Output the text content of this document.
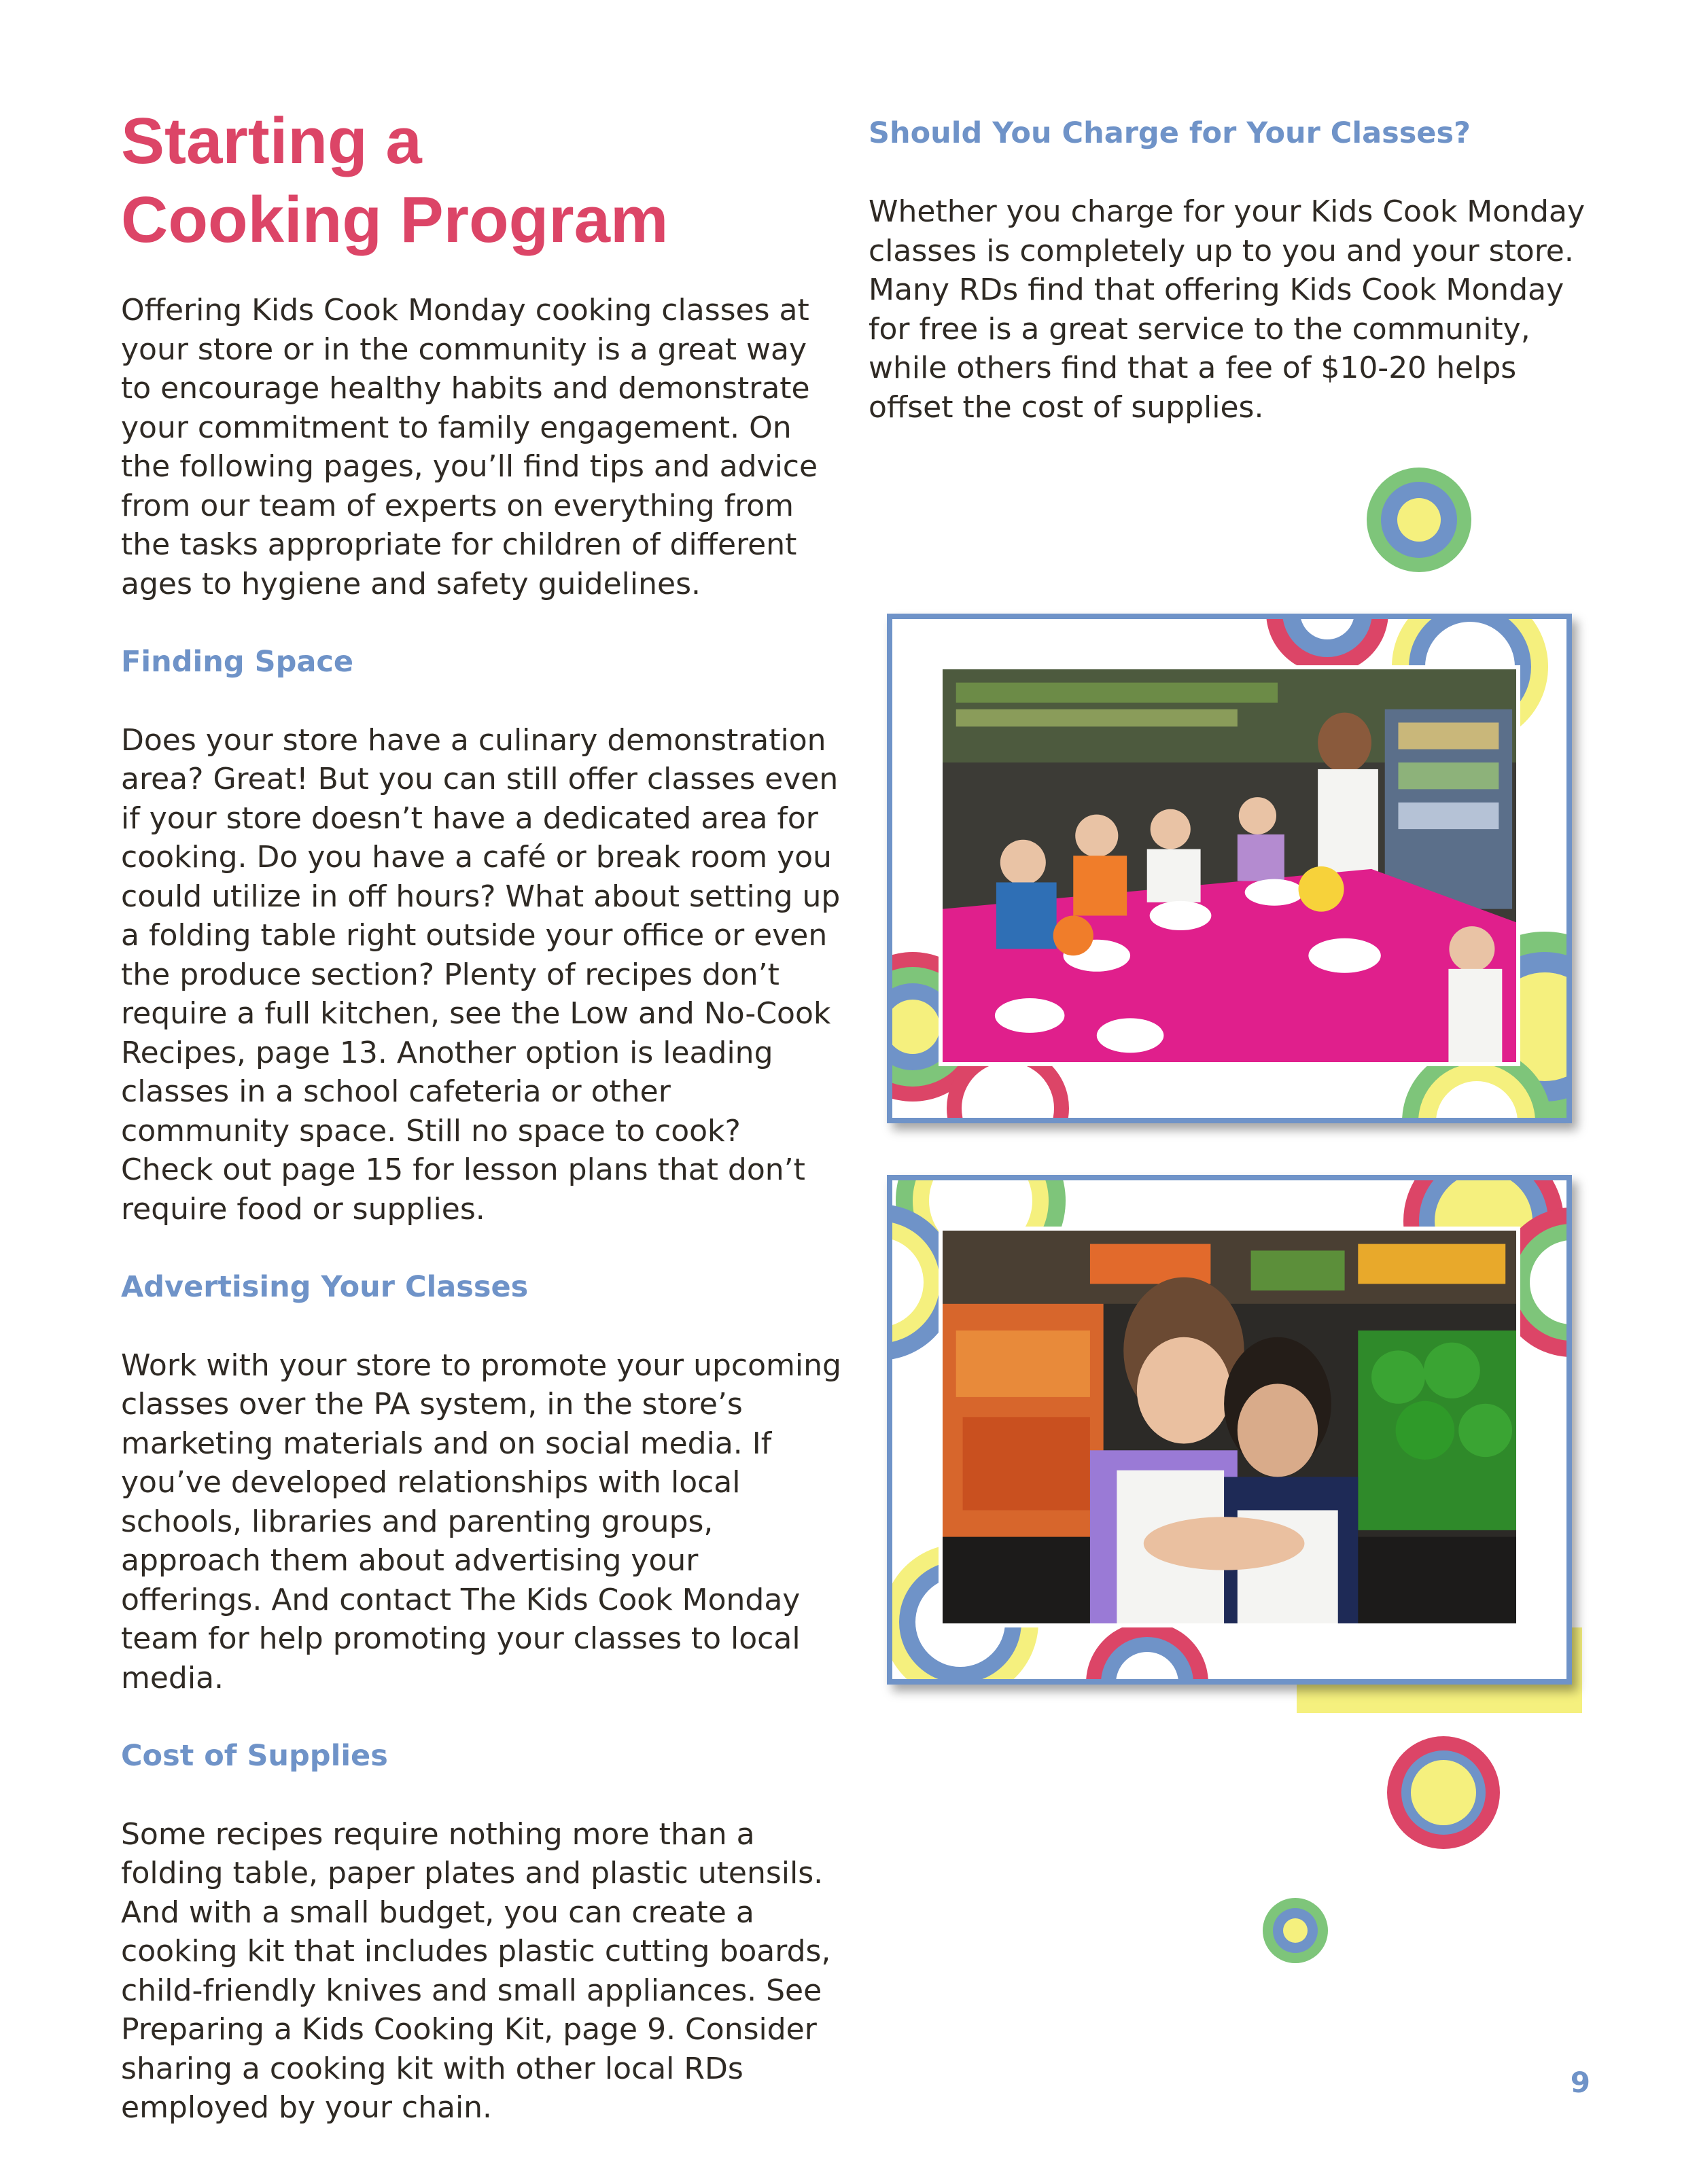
Starting a
Cooking Program

Offering Kids Cook Monday cooking classes at your store or in the community is a great way to encourage healthy habits and demonstrate your commitment to family engagement. On the following pages, you’ll find tips and advice from our team of experts on everything from the tasks appropriate for children of different ages to hygiene and safety guidelines.

Finding Space

Does your store have a culinary demonstration area? Great! But you can still offer classes even if your store doesn’t have a dedicated area for cooking. Do you have a café or break room you could utilize in off hours? What about setting up a folding table right outside your office or even the produce section? Plenty of recipes don’t require a full kitchen, see the Low and No-Cook Recipes, page 13. Another option is leading classes in a school cafeteria or other community space. Still no space to cook? Check out page 15 for lesson plans that don’t require food or supplies.

Advertising Your Classes

Work with your store to promote your upcoming classes over the PA system, in the store’s marketing materials and on social media. If you’ve developed relationships with local schools, libraries and parenting groups, approach them about advertising your offerings. And contact The Kids Cook Monday team for help promoting your classes to local media.

Cost of Supplies

Some recipes require nothing more than a folding table, paper plates and plastic utensils. And with a small budget, you can create a cooking kit that includes plastic cutting boards, child-friendly knives and small appliances. See Preparing a Kids Cooking Kit, page 9. Consider sharing a cooking kit with other local RDs employed by your chain.

Should You Charge for Your Classes?

Whether you charge for your Kids Cook Monday classes is completely up to you and your store. Many RDs find that offering Kids Cook Monday for free is a great service to the community, while others find that a fee of $10-20 helps offset the cost of supplies.

9
